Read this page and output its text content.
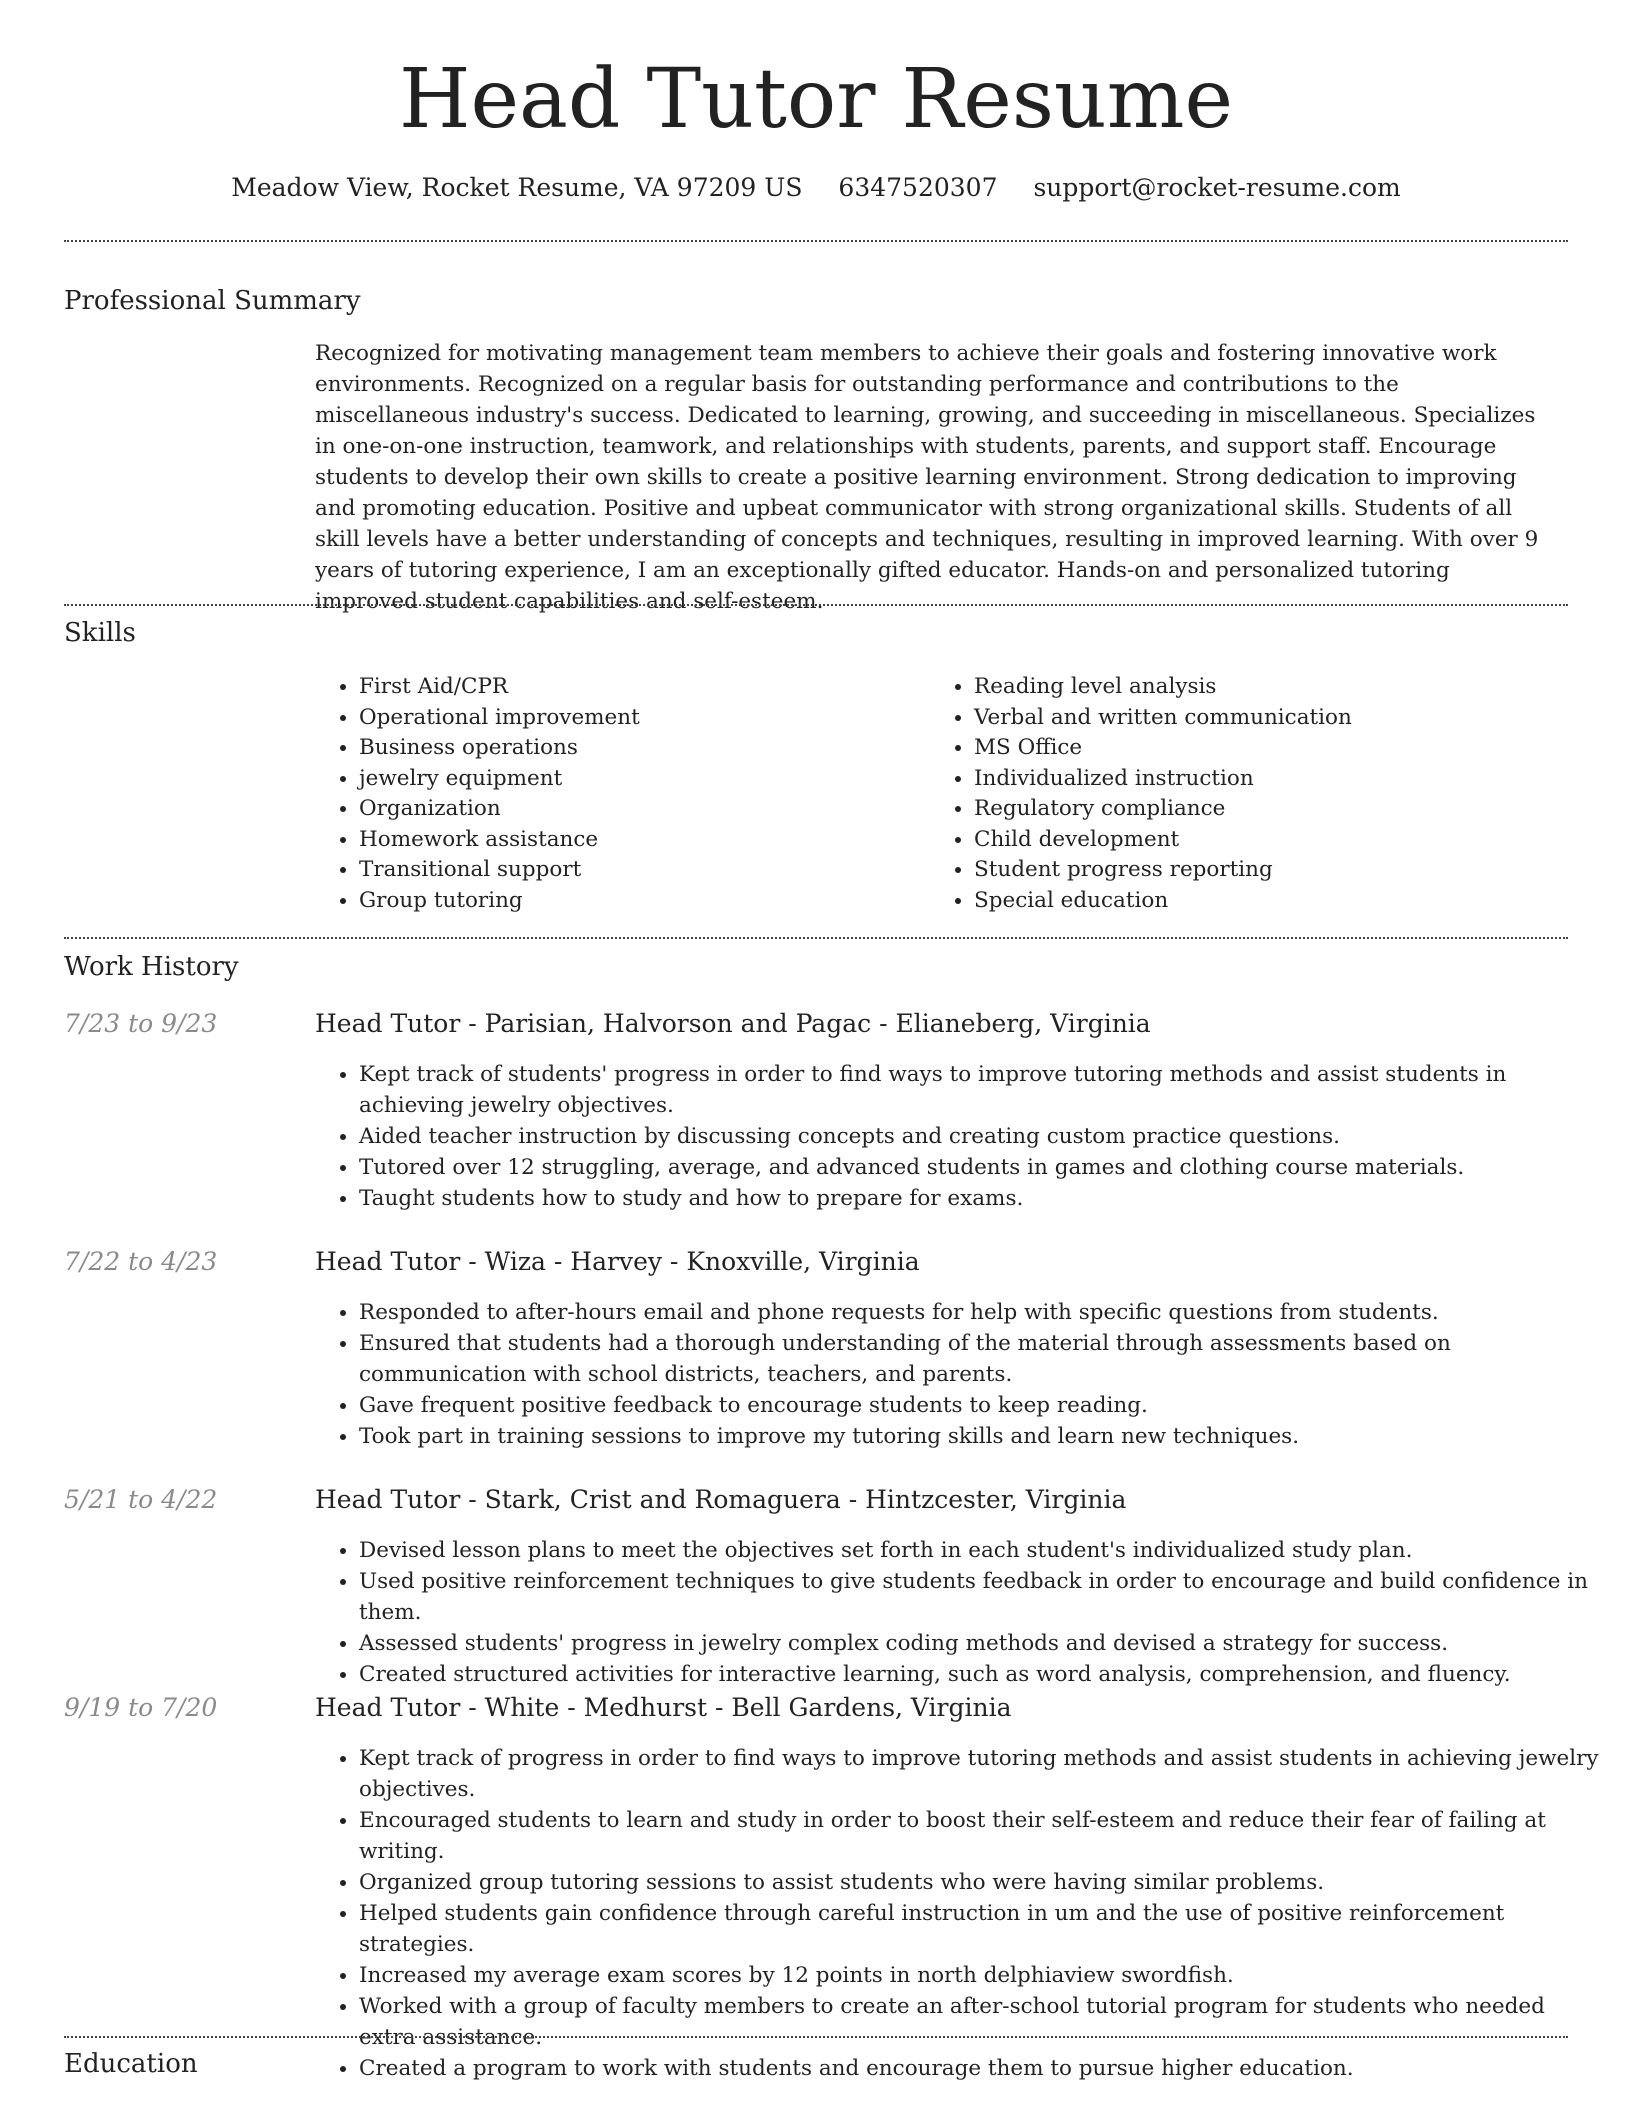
Head Tutor Resume
Meadow View, Rocket Resume, VA 97209 US 6347520307 support@rocket-resume.com
Professional Summary
Recognized for motivating management team members to achieve their goals and fostering innovative work environments. Recognized on a regular basis for outstanding performance and contributions to the miscellaneous industry's success. Dedicated to learning, growing, and succeeding in miscellaneous. Specializes in one-on-one instruction, teamwork, and relationships with students, parents, and support staff. Encourage students to develop their own skills to create a positive learning environment. Strong dedication to improving and promoting education. Positive and upbeat communicator with strong organizational skills. Students of all skill levels have a better understanding of concepts and techniques, resulting in improved learning. With over 9 years of tutoring experience, I am an exceptionally gifted educator. Hands-on and personalized tutoring improved student capabilities and self-esteem.
Skills
• First Aid/CPR
• Operational improvement
• Business operations
• jewelry equipment
• Organization
• Homework assistance
• Transitional support
• Group tutoring
• Reading level analysis
• Verbal and written communication
• MS Office
• Individualized instruction
• Regulatory compliance
• Child development
• Student progress reporting
• Special education
Work History
7/23 to 9/23	Head Tutor - Parisian, Halvorson and Pagac - Elianeberg, Virginia
• Kept track of students' progress in order to find ways to improve tutoring methods and assist students in achieving jewelry objectives.
• Aided teacher instruction by discussing concepts and creating custom practice questions.
• Tutored over 12 struggling, average, and advanced students in games and clothing course materials.
• Taught students how to study and how to prepare for exams.
7/22 to 4/23	Head Tutor - Wiza - Harvey - Knoxville, Virginia
• Responded to after-hours email and phone requests for help with specific questions from students.
• Ensured that students had a thorough understanding of the material through assessments based on communication with school districts, teachers, and parents.
• Gave frequent positive feedback to encourage students to keep reading.
• Took part in training sessions to improve my tutoring skills and learn new techniques.
5/21 to 4/22	Head Tutor - Stark, Crist and Romaguera - Hintzcester, Virginia
• Devised lesson plans to meet the objectives set forth in each student's individualized study plan.
• Used positive reinforcement techniques to give students feedback in order to encourage and build confidence in them.
• Assessed students' progress in jewelry complex coding methods and devised a strategy for success.
• Created structured activities for interactive learning, such as word analysis, comprehension, and fluency.
9/19 to 7/20	Head Tutor - White - Medhurst - Bell Gardens, Virginia
• Kept track of progress in order to find ways to improve tutoring methods and assist students in achieving jewelry objectives.
• Encouraged students to learn and study in order to boost their self-esteem and reduce their fear of failing at writing.
• Organized group tutoring sessions to assist students who were having similar problems.
• Helped students gain confidence through careful instruction in um and the use of positive reinforcement strategies.
• Increased my average exam scores by 12 points in north delphiaview swordfish.
• Worked with a group of faculty members to create an after-school tutorial program for students who needed extra assistance.
• Created a program to work with students and encourage them to pursue higher education.
Education
